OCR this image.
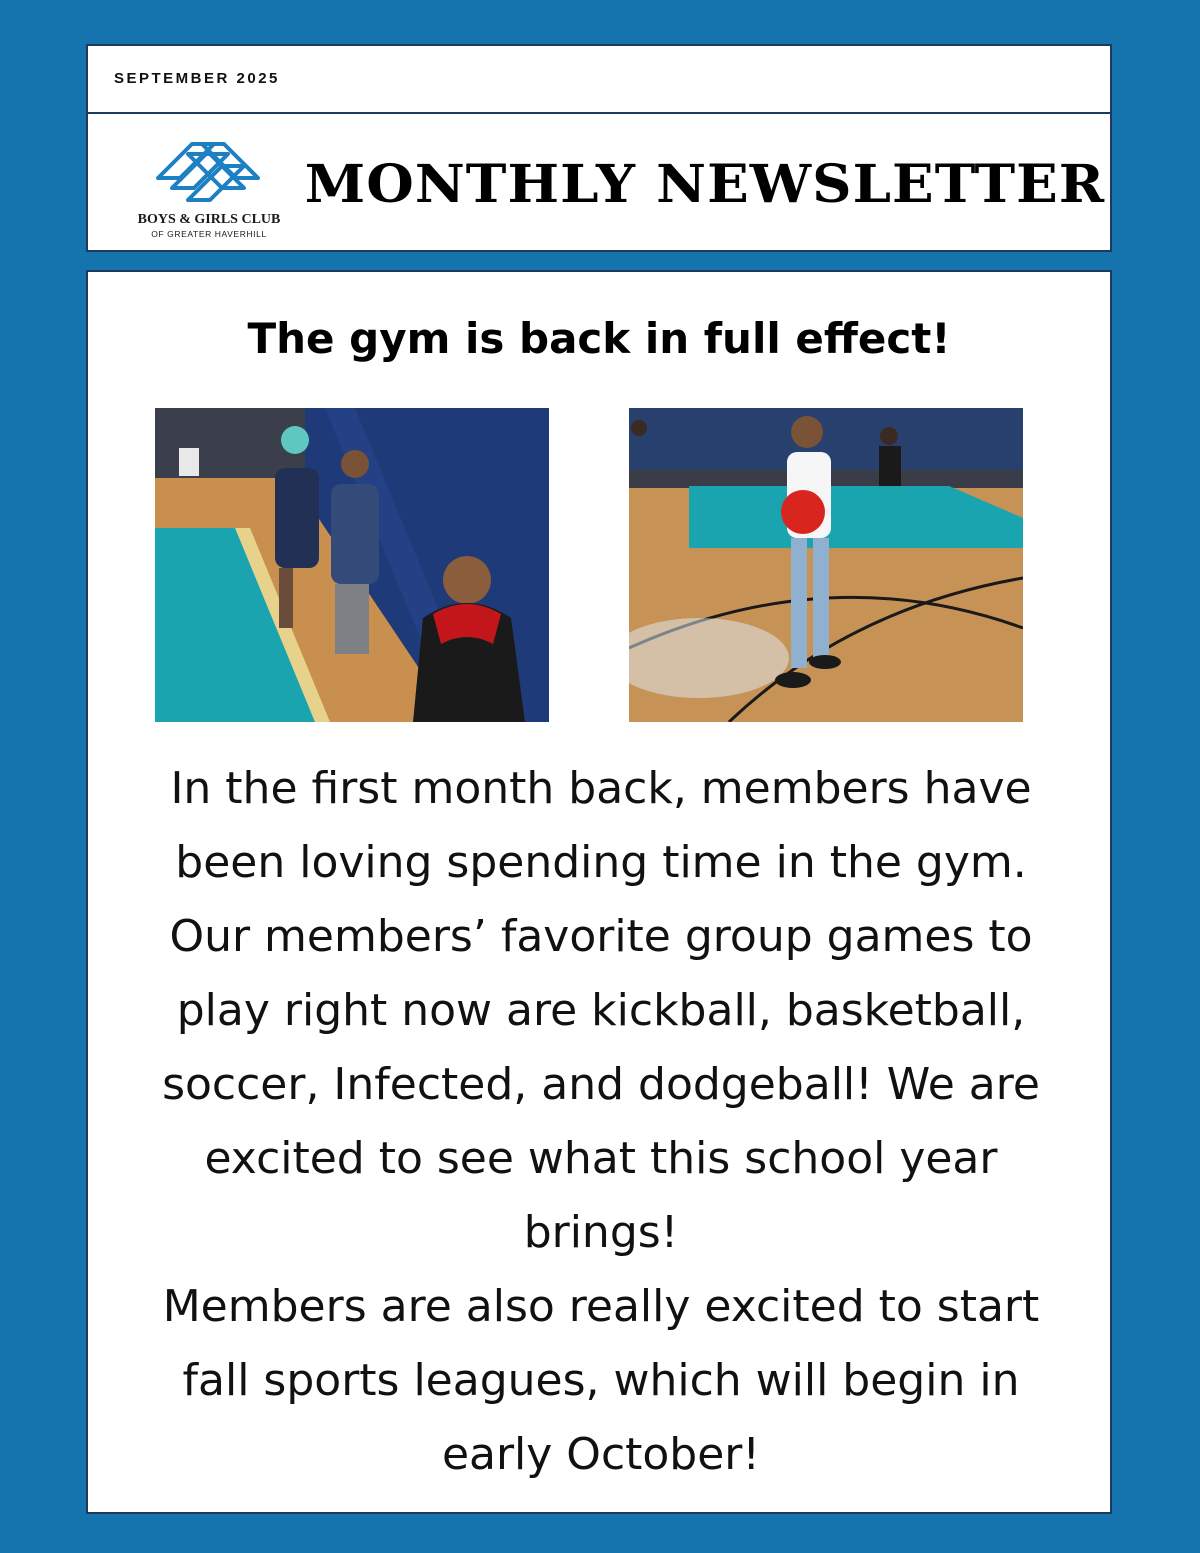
SEPTEMBER 2025
BOYS & GIRLS CLUB
OF GREATER HAVERHILL
MONTHLY NEWSLETTER
The gym is back in full effect!

In the first month back, members have been loving spending time in the gym. Our members’ favorite group games to play right now are kickball, basketball, soccer, Infected, and dodgeball! We are excited to see what this school year brings!

Members are also really excited to start fall sports leagues, which will begin in early October!
